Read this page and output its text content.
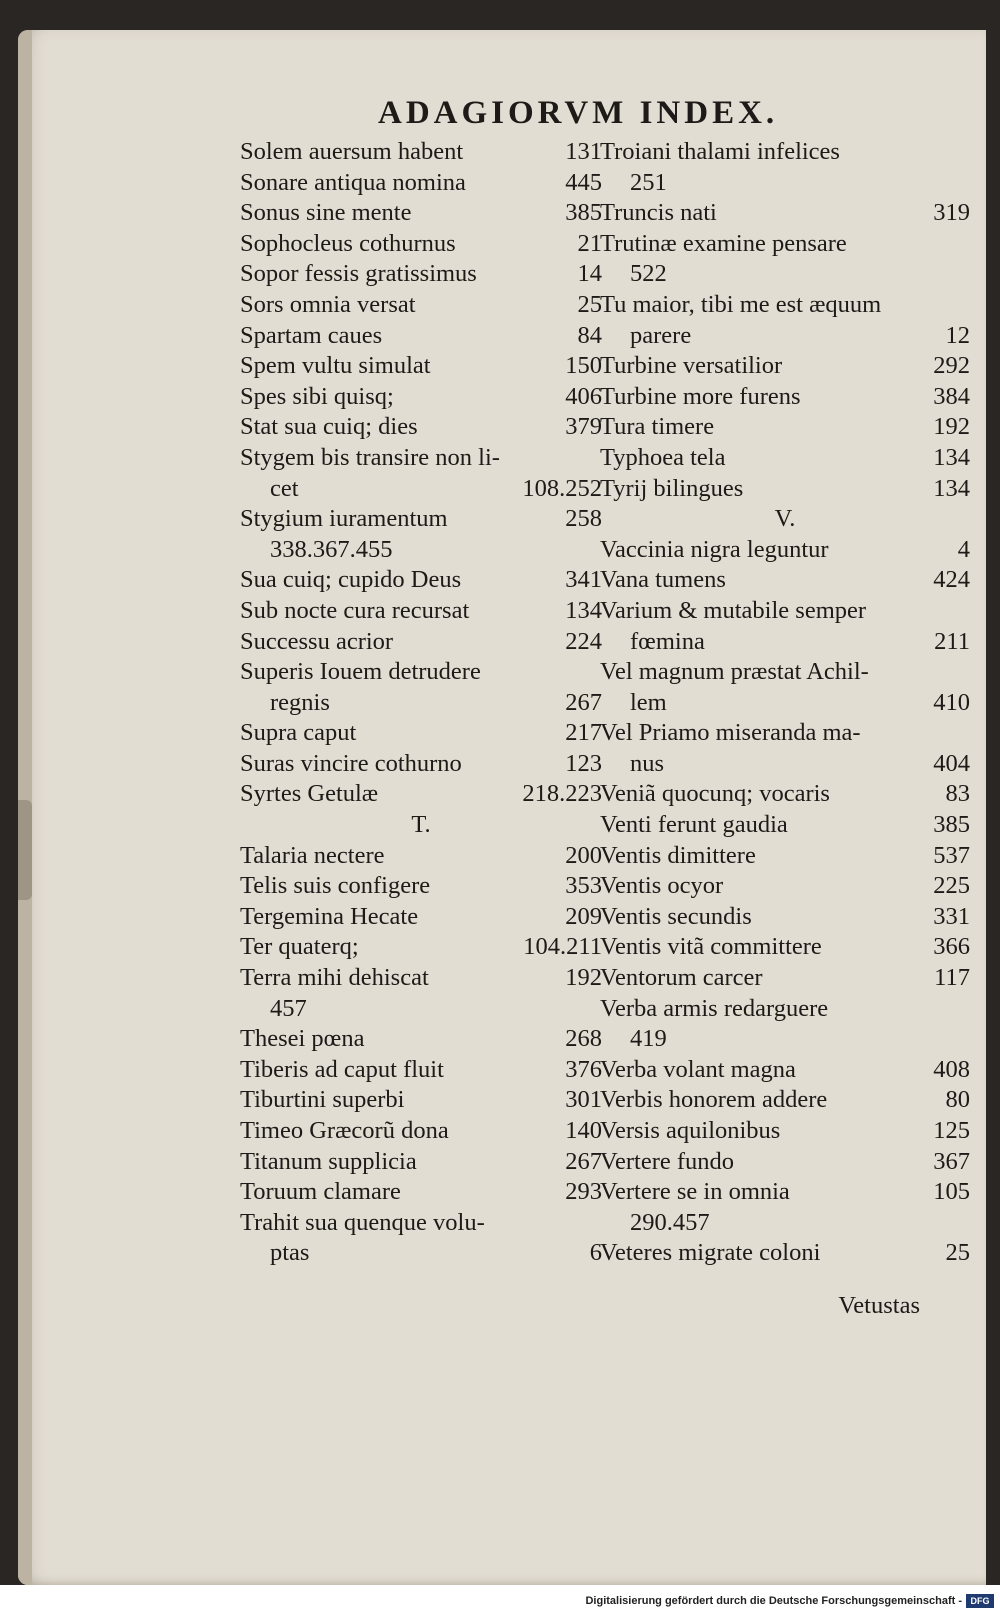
ADAGIORVM INDEX.
Solem auersum habent	131
Sonare antiqua nomina	445
Sonus sine mente	385
Sophocleus cothurnus	21
Sopor fessis gratissimus	14
Sors omnia versat	25
Spartam caues	84
Spem vultu simulat	150
Spes sibi quisq;	406
Stat sua cuiq; dies	379
Stygem bis transire non li-
cet	108.252
Stygium iuramentum	258
338.367.455
Sua cuiq; cupido Deus	341
Sub nocte cura recursat	134
Successu acrior	224
Superis Iouem detrudere
regnis	267
Supra caput	217
Suras vincire cothurno	123
Syrtes Getulæ	218.223
T.
Talaria nectere	200
Telis suis configere	353
Tergemina Hecate	209
Ter quaterq;	104.211
Terra mihi dehiscat	192
457
Thesei pœna	268
Tiberis ad caput fluit	376
Tiburtini superbi	301
Timeo Græcorũ dona	140
Titanum supplicia	267
Toruum clamare	293
Trahit sua quenque volu-
ptas	6
Troiani thalami infelices
251
Truncis nati	319
Trutinæ examine pensare
522
Tu maior, tibi me est æquum
parere	12
Turbine versatilior	292
Turbine more furens	384
Tura timere	192
Typhoea tela	134
Tyrij bilingues	134
V.
Vaccinia nigra leguntur	4
Vana tumens	424
Varium & mutabile semper
fœmina	211
Vel magnum præstat Achil-
lem	410
Vel Priamo miseranda ma-
nus	404
Veniã quocunq; vocaris	83
Venti ferunt gaudia	385
Ventis dimittere	537
Ventis ocyor	225
Ventis secundis	331
Ventis vitã committere	366
Ventorum carcer	117
Verba armis redarguere
419
Verba volant magna	408
Verbis honorem addere	80
Versis aquilonibus	125
Vertere fundo	367
Vertere se in omnia	105
290.457
Veteres migrate coloni	25
Vetustas
Digitalisierung gefördert durch die Deutsche Forschungsgemeinschaft - DFG
